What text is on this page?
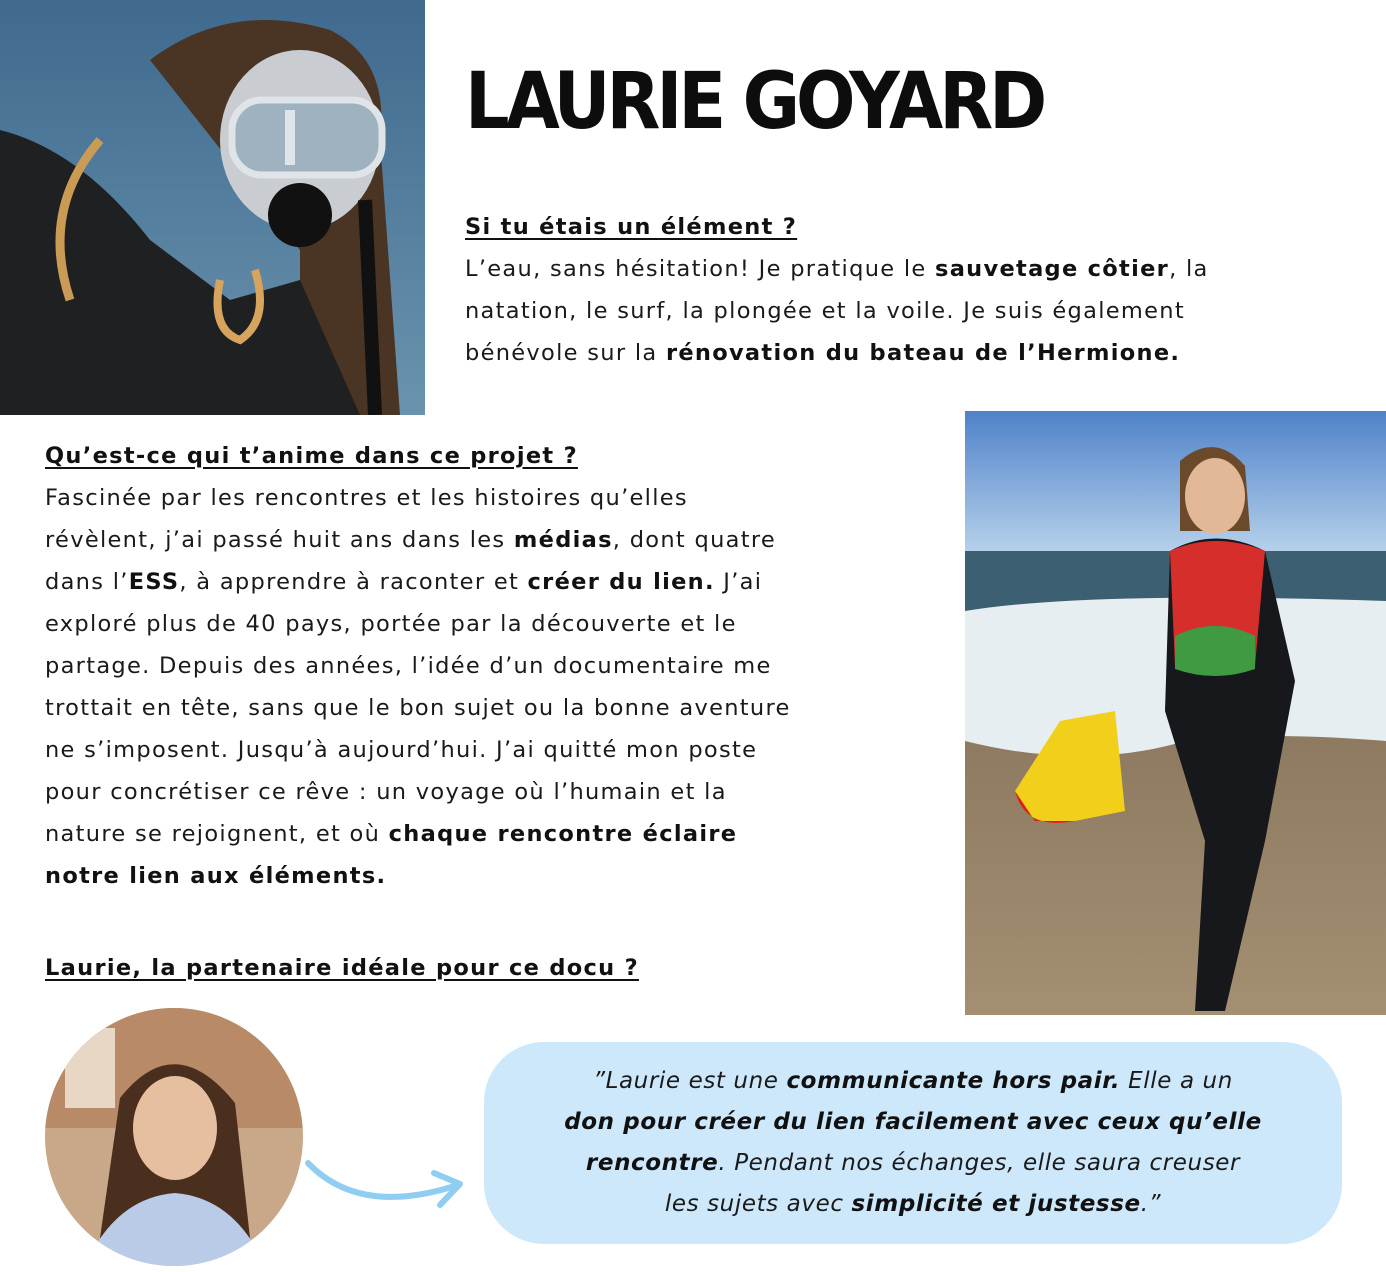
LAURIE GOYARD
Si tu étais un élément ?
L’eau, sans hésitation! Je pratique le sauvetage côtier, la
natation, le surf, la plongée et la voile. Je suis également
bénévole sur la rénovation du bateau de l’Hermione.
Qu’est-ce qui t’anime dans ce projet ?
Fascinée par les rencontres et les histoires qu’elles
révèlent, j’ai passé huit ans dans les médias, dont quatre
dans l’ESS, à apprendre à raconter et créer du lien. J’ai
exploré plus de 40 pays, portée par la découverte et le
partage. Depuis des années, l’idée d’un documentaire me
trottait en tête, sans que le bon sujet ou la bonne aventure
ne s’imposent. Jusqu’à aujourd’hui. J’ai quitté mon poste
pour concrétiser ce rêve : un voyage où l’humain et la
nature se rejoignent, et où chaque rencontre éclaire
notre lien aux éléments.
Laurie, la partenaire idéale pour ce docu ?

”Laurie est une communicante hors pair. Elle a un
don pour créer du lien facilement avec ceux qu’elle
rencontre. Pendant nos échanges, elle saura creuser
les sujets avec simplicité et justesse.”
